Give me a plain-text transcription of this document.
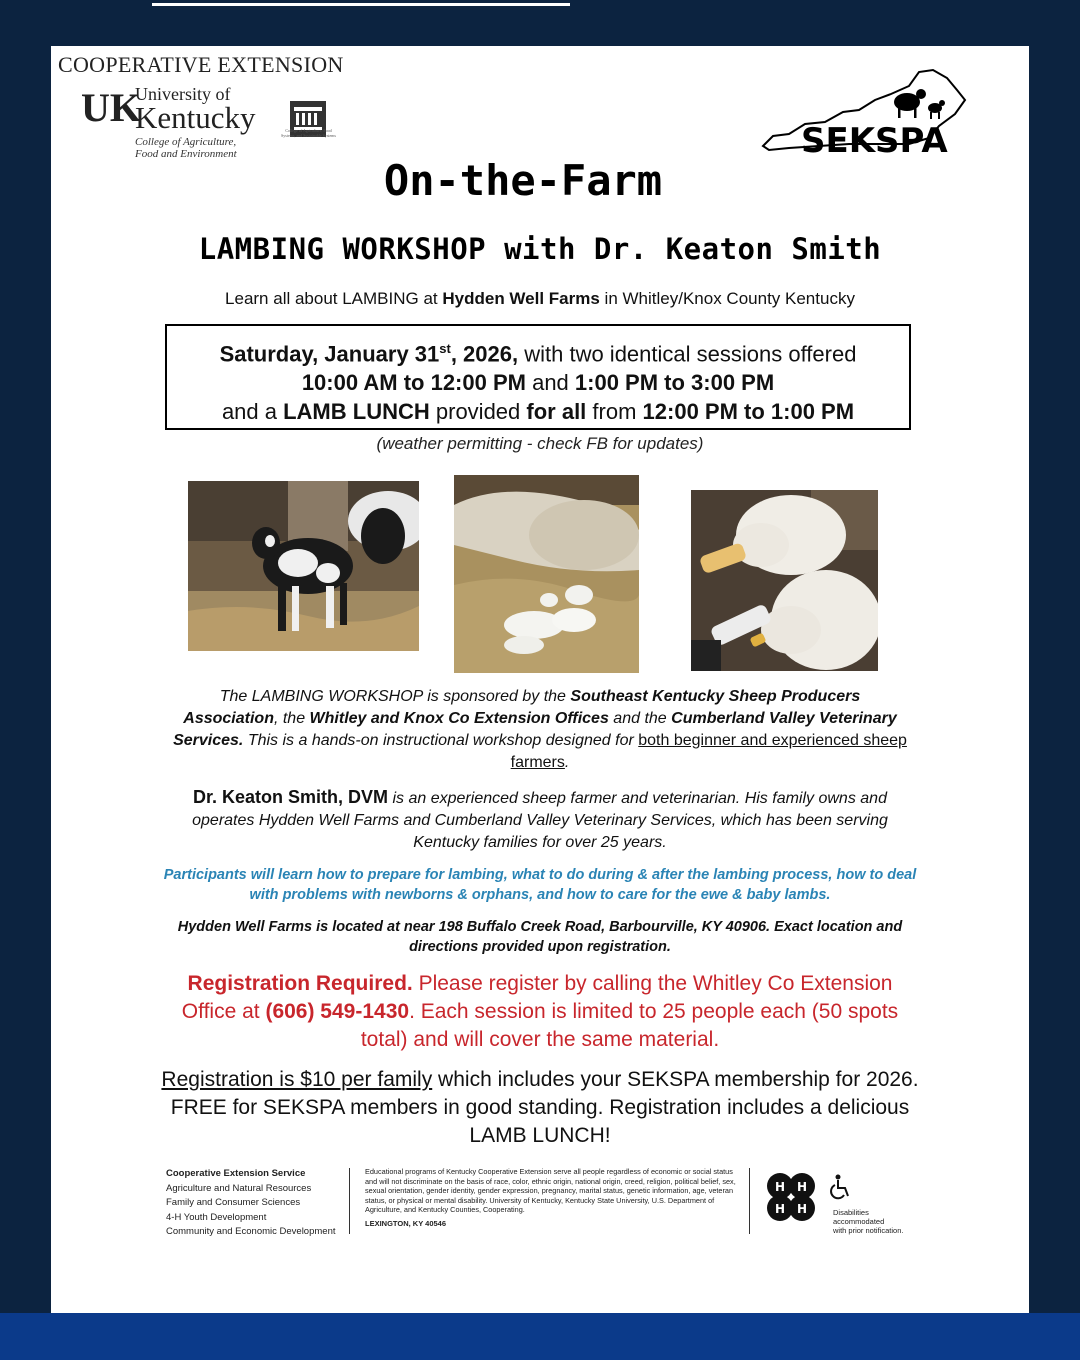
COOPERATIVE EXTENSION
UK
University of
Kentucky
College of Agriculture,
Food and Environment
College of Agriculture, Food Systems, and Sustainable Systems	SEKSPA
On-the-Farm
LAMBING WORKSHOP with Dr. Keaton Smith
Learn all about LAMBING at Hydden Well Farms in Whitley/Knox County Kentucky
Saturday, January 31st, 2026, with two identical sessions offered
10:00 AM to 12:00 PM and 1:00 PM to 3:00 PM
and a LAMB LUNCH provided for all from 12:00 PM to 1:00 PM
(weather permitting - check FB for updates)
The LAMBING WORKSHOP is sponsored by the Southeast Kentucky Sheep Producers Association, the Whitley and Knox Co Extension Offices and the Cumberland Valley Veterinary Services. This is a hands-on instructional workshop designed for both beginner and experienced sheep farmers.
Dr. Keaton Smith, DVM is an experienced sheep farmer and veterinarian. His family owns and operates Hydden Well Farms and Cumberland Valley Veterinary Services, which has been serving Kentucky families for over 25 years.
Participants will learn how to prepare for lambing, what to do during & after the lambing process, how to deal with problems with newborns & orphans, and how to care for the ewe & baby lambs.
Hydden Well Farms is located at near 198 Buffalo Creek Road, Barbourville, KY 40906. Exact location and directions provided upon registration.
Registration Required. Please register by calling the Whitley Co Extension Office at (606) 549-1430. Each session is limited to 25 people each (50 spots total) and will cover the same material.
Registration is $10 per family which includes your SEKSPA membership for 2026. FREE for SEKSPA members in good standing. Registration includes a delicious LAMB LUNCH!
Cooperative Extension Service
Agriculture and Natural Resources
Family and Consumer Sciences
4-H Youth Development
Community and Economic Development
Educational programs of Kentucky Cooperative Extension serve all people regardless of economic or social status and will not discriminate on the basis of race, color, ethnic origin, national origin, creed, religion, political belief, sex, sexual orientation, gender identity, gender expression, pregnancy, marital status, genetic information, age, veteran status, or physical or mental disability. University of Kentucky, Kentucky State University, U.S. Department of Agriculture, and Kentucky Counties, Cooperating.
LEXINGTON, KY 40546
H H
H H	Disabilities
accommodated
with prior notification.
